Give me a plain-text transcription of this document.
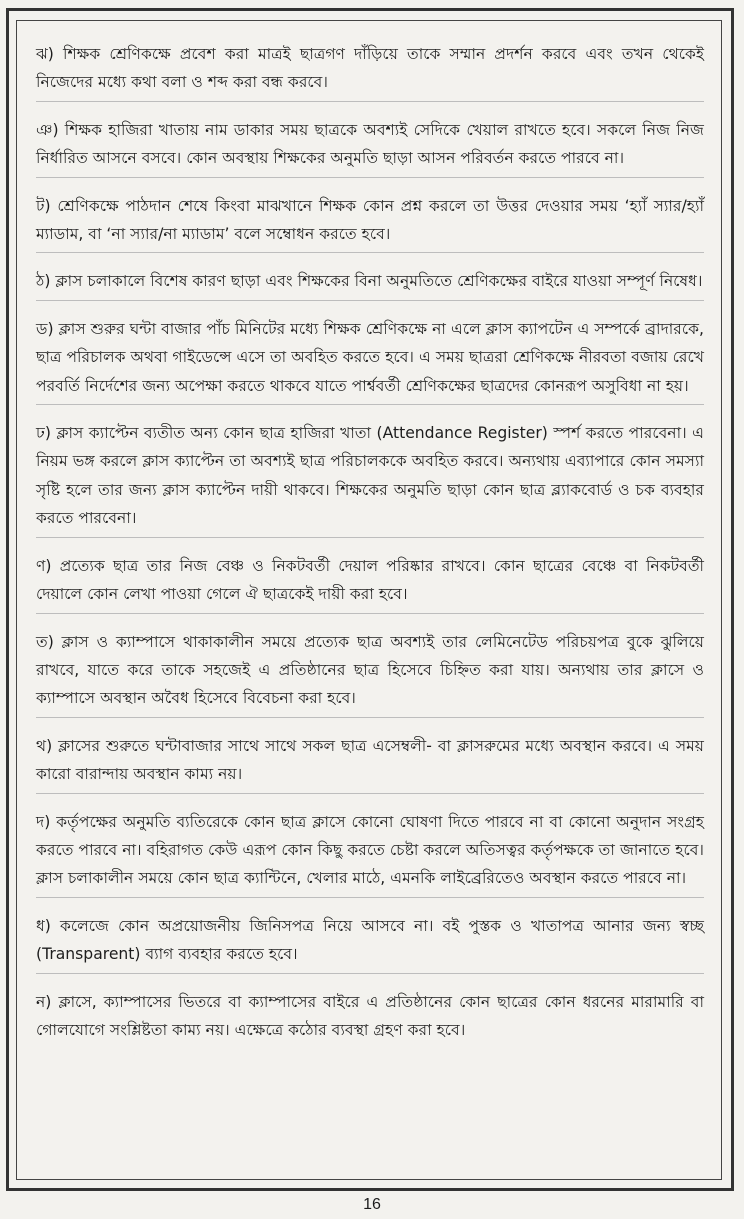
ঝ) শিক্ষক শ্রেণিকক্ষে প্রবেশ করা মাত্রই ছাত্রগণ দাঁড়িয়ে তাকে সম্মান প্রদর্শন করবে এবং তখন থেকেই নিজেদের মধ্যে কথা বলা ও শব্দ করা বন্ধ করবে।

ঞ) শিক্ষক হাজিরা খাতায় নাম ডাকার সময় ছাত্রকে অবশ্যই সেদিকে খেয়াল রাখতে হবে। সকলে নিজ নিজ নির্ধারিত আসনে বসবে। কোন অবস্থায় শিক্ষকের অনুমতি ছাড়া আসন পরিবর্তন করতে পারবে না।

ট) শ্রেণিকক্ষে পাঠদান শেষে কিংবা মাঝখানে শিক্ষক কোন প্রশ্ন করলে তা উত্তর দেওয়ার সময় ‘হ্যাঁ স্যার/হ্যাঁ ম্যাডাম, বা ‘না স্যার/না ম্যাডাম’ বলে সম্বোধন করতে হবে।

ঠ) ক্লাস চলাকালে বিশেষ কারণ ছাড়া এবং শিক্ষকের বিনা অনুমতিতে শ্রেণিকক্ষের বাইরে যাওয়া সম্পূর্ণ নিষেধ।

ড) ক্লাস শুরুর ঘন্টা বাজার পাঁচ মিনিটের মধ্যে শিক্ষক শ্রেণিকক্ষে না এলে ক্লাস ক্যাপটেন এ সম্পর্কে ব্রাদারকে, ছাত্র পরিচালক অথবা গাইডেন্সে এসে তা অবহিত করতে হবে। এ সময় ছাত্ররা শ্রেণিকক্ষে নীরবতা বজায় রেখে পরবর্তি নির্দেশের জন্য অপেক্ষা করতে থাকবে যাতে পার্শ্ববর্তী শ্রেণিকক্ষের ছাত্রদের কোনরূপ অসুবিধা না হয়।

ঢ) ক্লাস ক্যাপ্টেন ব্যতীত অন্য কোন ছাত্র হাজিরা খাতা (Attendance Register) স্পর্শ করতে পারবেনা। এ নিয়ম ভঙ্গ করলে ক্লাস ক্যাপ্টেন তা অবশ্যই ছাত্র পরিচালককে অবহিত করবে। অন্যথায় এব্যাপারে কোন সমস্যা সৃষ্টি হলে তার জন্য ক্লাস ক্যাপ্টেন দায়ী থাকবে। শিক্ষকের অনুমতি ছাড়া কোন ছাত্র ব্ল্যাকবোর্ড ও চক ব্যবহার করতে পারবেনা।

ণ) প্রত্যেক ছাত্র তার নিজ বেঞ্চ ও নিকটবর্তী দেয়াল পরিষ্কার রাখবে। কোন ছাত্রের বেঞ্চে বা নিকটবর্তী দেয়ালে কোন লেখা পাওয়া গেলে ঐ ছাত্রকেই দায়ী করা হবে।

ত) ক্লাস ও ক্যাম্পাসে থাকাকালীন সময়ে প্রত্যেক ছাত্র অবশ্যই তার লেমিনেটেড পরিচয়পত্র বুকে ঝুলিয়ে রাখবে, যাতে করে তাকে সহজেই এ প্রতিষ্ঠানের ছাত্র হিসেবে চিহ্নিত করা যায়। অন্যথায় তার ক্লাসে ও ক্যাম্পাসে অবস্থান অবৈধ হিসেবে বিবেচনা করা হবে।

থ) ক্লাসের শুরুতে ঘন্টাবাজার সাথে সাথে সকল ছাত্র এসেম্বলী- বা ক্লাসরুমের মধ্যে অবস্থান করবে। এ সময় কারো বারান্দায় অবস্থান কাম্য নয়।

দ) কর্তৃপক্ষের অনুমতি ব্যতিরেকে কোন ছাত্র ক্লাসে কোনো ঘোষণা দিতে পারবে না বা কোনো অনুদান সংগ্রহ করতে পারবে না। বহিরাগত কেউ এরূপ কোন কিছু করতে চেষ্টা করলে অতিসত্বর কর্তৃপক্ষকে তা জানাতে হবে। ক্লাস চলাকালীন সময়ে কোন ছাত্র ক্যান্টিনে, খেলার মাঠে, এমনকি লাইব্রেরিতেও অবস্থান করতে পারবে না।

ধ) কলেজে কোন অপ্রয়োজনীয় জিনিসপত্র নিয়ে আসবে না। বই পুস্তক ও খাতাপত্র আনার জন্য স্বচ্ছ (Transparent) ব্যাগ ব্যবহার করতে হবে।

ন) ক্লাসে, ক্যাম্পাসের ভিতরে বা ক্যাম্পাসের বাইরে এ প্রতিষ্ঠানের কোন ছাত্রের কোন ধরনের মারামারি বা গোলযোগে সংশ্লিষ্টতা কাম্য নয়। এক্ষেত্রে কঠোর ব্যবস্থা গ্রহণ করা হবে।

16
